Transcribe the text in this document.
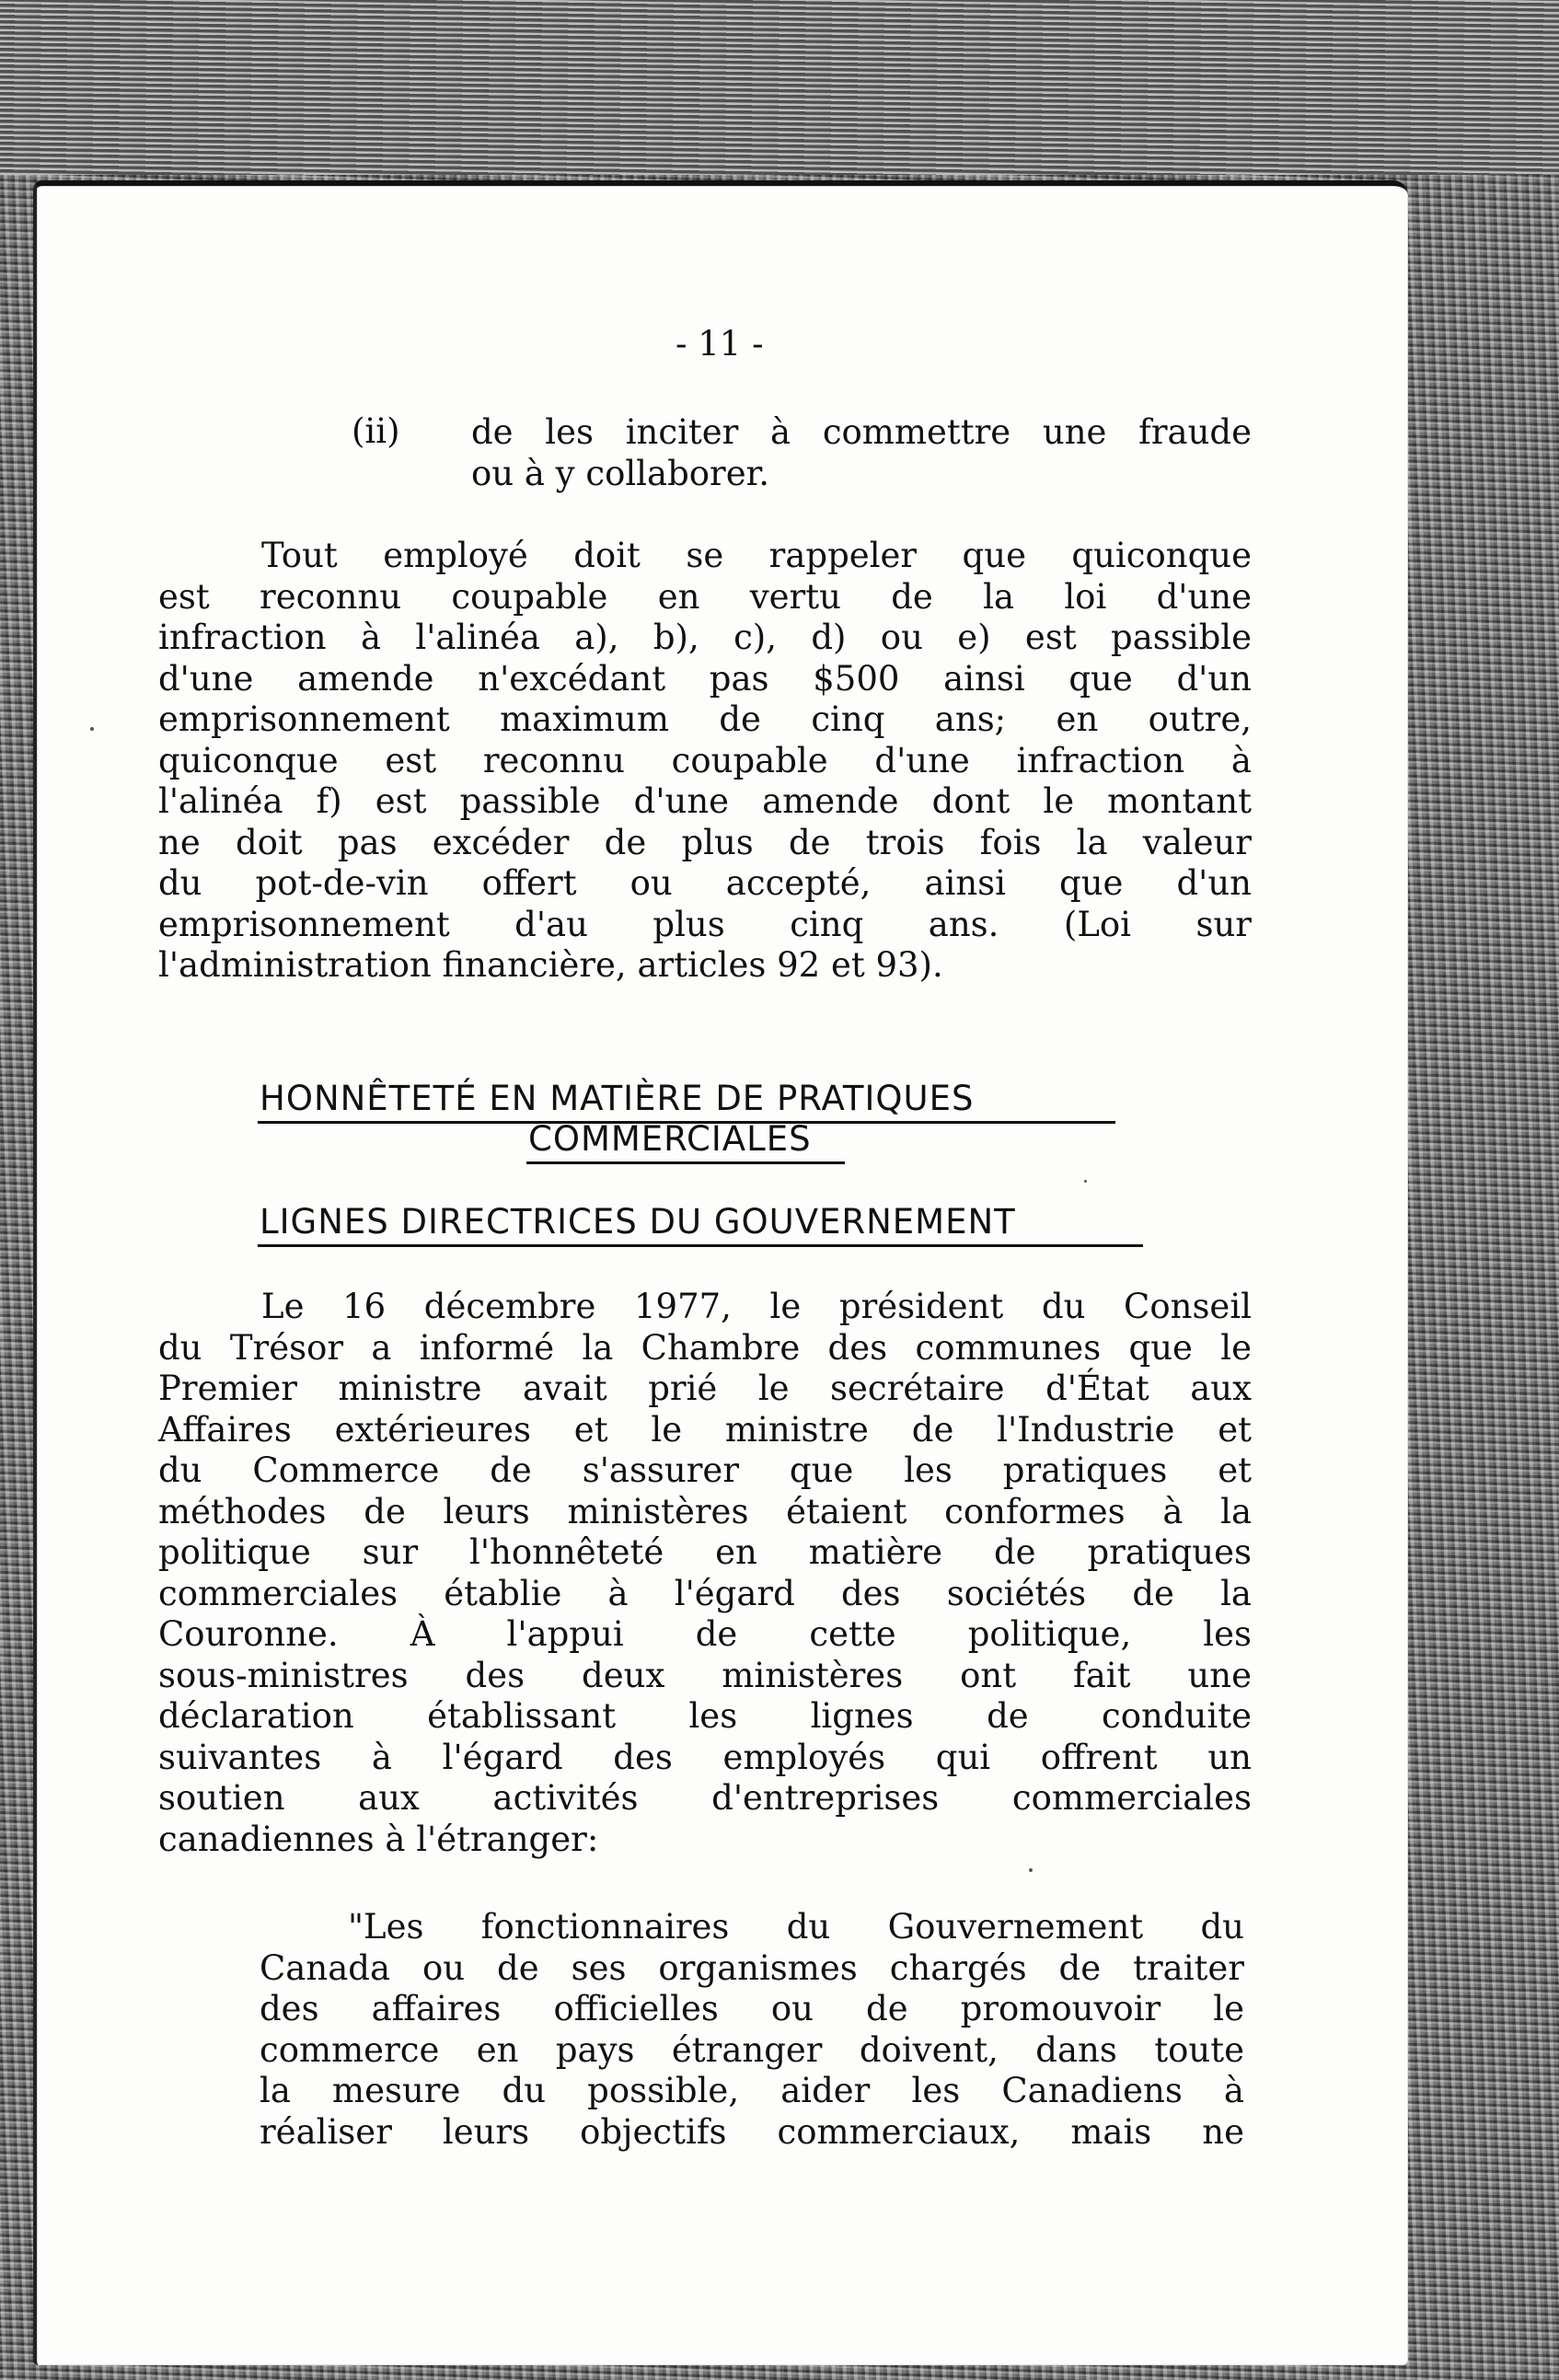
- 11 -
(ii) de les inciter à commettre une fraude
ou à y collaborer.
Tout employé doit se rappeler que quiconque
est reconnu coupable en vertu de la loi d'une
infraction à l'alinéa a), b), c), d) ou e) est passible
d'une amende n'excédant pas $500 ainsi que d'un
emprisonnement maximum de cinq ans; en outre,
quiconque est reconnu coupable d'une infraction à
l'alinéa f) est passible d'une amende dont le montant
ne doit pas excéder de plus de trois fois la valeur
du pot-de-vin offert ou accepté, ainsi que d'un
emprisonnement d'au plus cinq ans. (Loi sur
l'administration financière, articles 92 et 93).
HONNÊTETÉ EN MATIÈRE DE PRATIQUES
COMMERCIALES
LIGNES DIRECTRICES DU GOUVERNEMENT
Le 16 décembre 1977, le président du Conseil
du Trésor a informé la Chambre des communes que le
Premier ministre avait prié le secrétaire d'État aux
Affaires extérieures et le ministre de l'Industrie et
du Commerce de s'assurer que les pratiques et
méthodes de leurs ministères étaient conformes à la
politique sur l'honnêteté en matière de pratiques
commerciales établie à l'égard des sociétés de la
Couronne. À l'appui de cette politique, les
sous-ministres des deux ministères ont fait une
déclaration établissant les lignes de conduite
suivantes à l'égard des employés qui offrent un
soutien aux activités d'entreprises commerciales
canadiennes à l'étranger:
"Les fonctionnaires du Gouvernement du
Canada ou de ses organismes chargés de traiter
des affaires officielles ou de promouvoir le
commerce en pays étranger doivent, dans toute
la mesure du possible, aider les Canadiens à
réaliser leurs objectifs commerciaux, mais ne
